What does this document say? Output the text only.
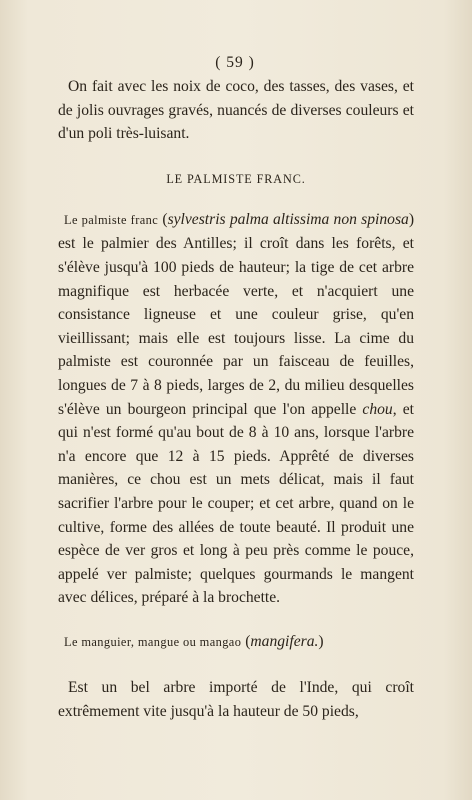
( 59 )

On fait avec les noix de coco, des tasses, des vases, et de jolis ouvrages gravés, nuancés de diverses couleurs et d'un poli très-luisant.

LE PALMISTE FRANC.

Le palmiste franc (sylvestris palma altissima non spinosa) est le palmier des Antilles; il croît dans les forêts, et s'élève jusqu'à 100 pieds de hauteur; la tige de cet arbre magnifique est herbacée verte, et n'acquiert une consistance ligneuse et une couleur grise, qu'en vieillissant; mais elle est toujours lisse. La cime du palmiste est couronnée par un faisceau de feuilles, longues de 7 à 8 pieds, larges de 2, du milieu desquelles s'élève un bourgeon principal que l'on appelle chou, et qui n'est formé qu'au bout de 8 à 10 ans, lorsque l'arbre n'a encore que 12 à 15 pieds. Apprêté de diverses manières, ce chou est un mets délicat, mais il faut sacrifier l'arbre pour le couper; et cet arbre, quand on le cultive, forme des allées de toute beauté. Il produit une espèce de ver gros et long à peu près comme le pouce, appelé ver palmiste; quelques gourmands le mangent avec délices, préparé à la brochette.

Le manguier, mangue ou mangao (mangifera.)

Est un bel arbre importé de l'Inde, qui croît extrêmement vite jusqu'à la hauteur de 50 pieds,
